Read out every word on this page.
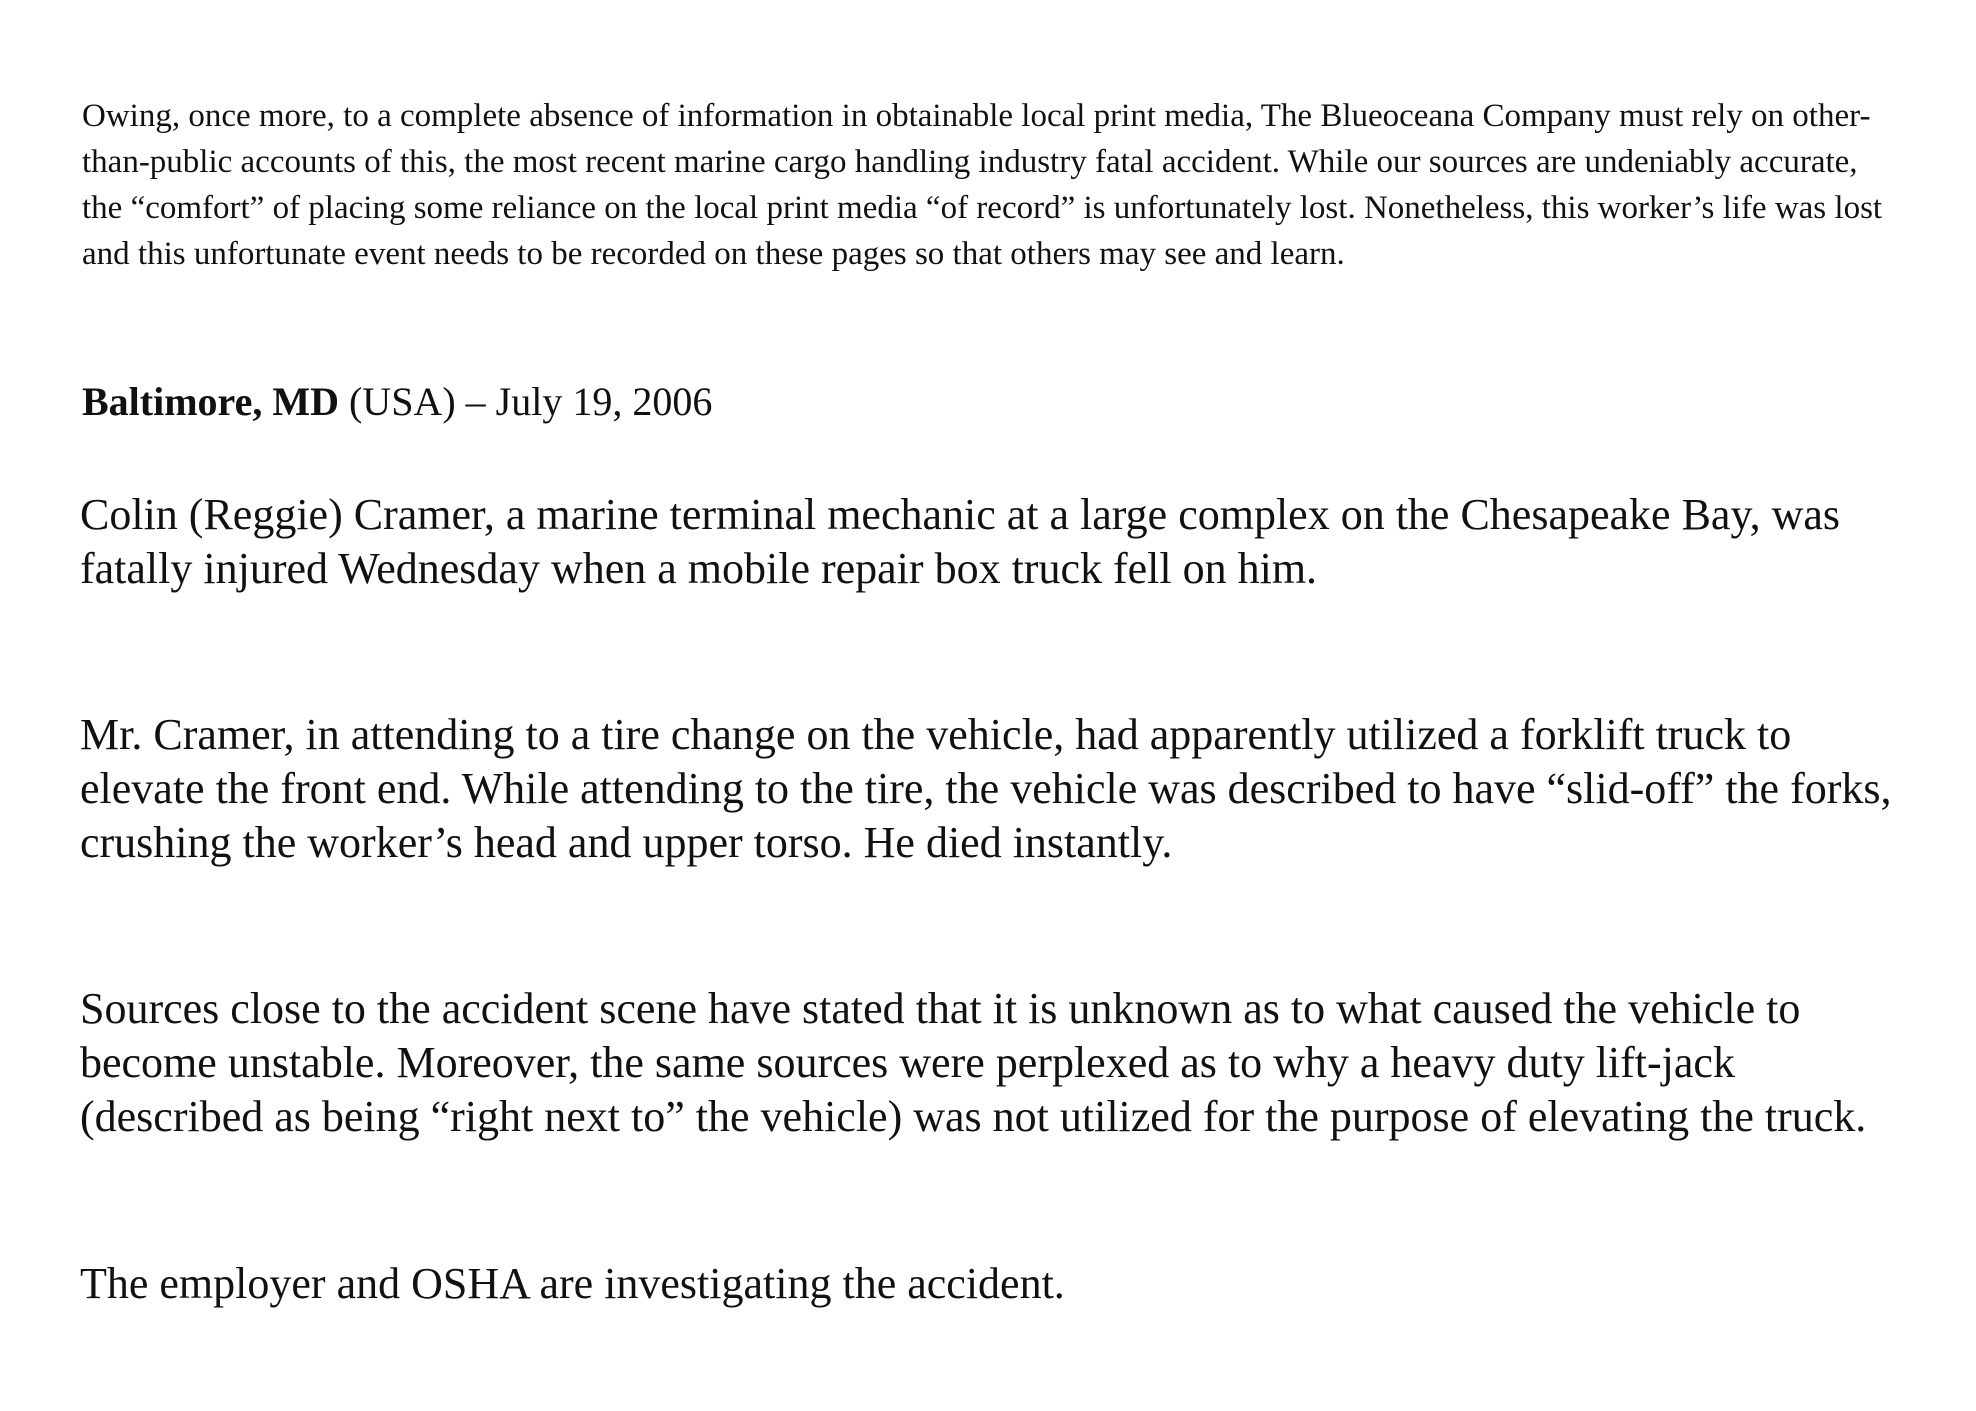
Owing, once more, to a complete absence of information in obtainable local print media, The Blueoceana Company must rely on other-than-public accounts of this, the most recent marine cargo handling industry fatal accident. While our sources are undeniably accurate, the “comfort” of placing some reliance on the local print media “of record” is unfortunately lost. Nonetheless, this worker’s life was lost and this unfortunate event needs to be recorded on these pages so that others may see and learn.

Baltimore, MD (USA) – July 19, 2006

Colin (Reggie) Cramer, a marine terminal mechanic at a large complex on the Chesapeake Bay, was fatally injured Wednesday when a mobile repair box truck fell on him.

Mr. Cramer, in attending to a tire change on the vehicle, had apparently utilized a forklift truck to elevate the front end. While attending to the tire, the vehicle was described to have “slid-off” the forks, crushing the worker’s head and upper torso. He died instantly.

Sources close to the accident scene have stated that it is unknown as to what caused the vehicle to become unstable. Moreover, the same sources were perplexed as to why a heavy duty lift-jack (described as being “right next to” the vehicle) was not utilized for the purpose of elevating the truck.

The employer and OSHA are investigating the accident.
